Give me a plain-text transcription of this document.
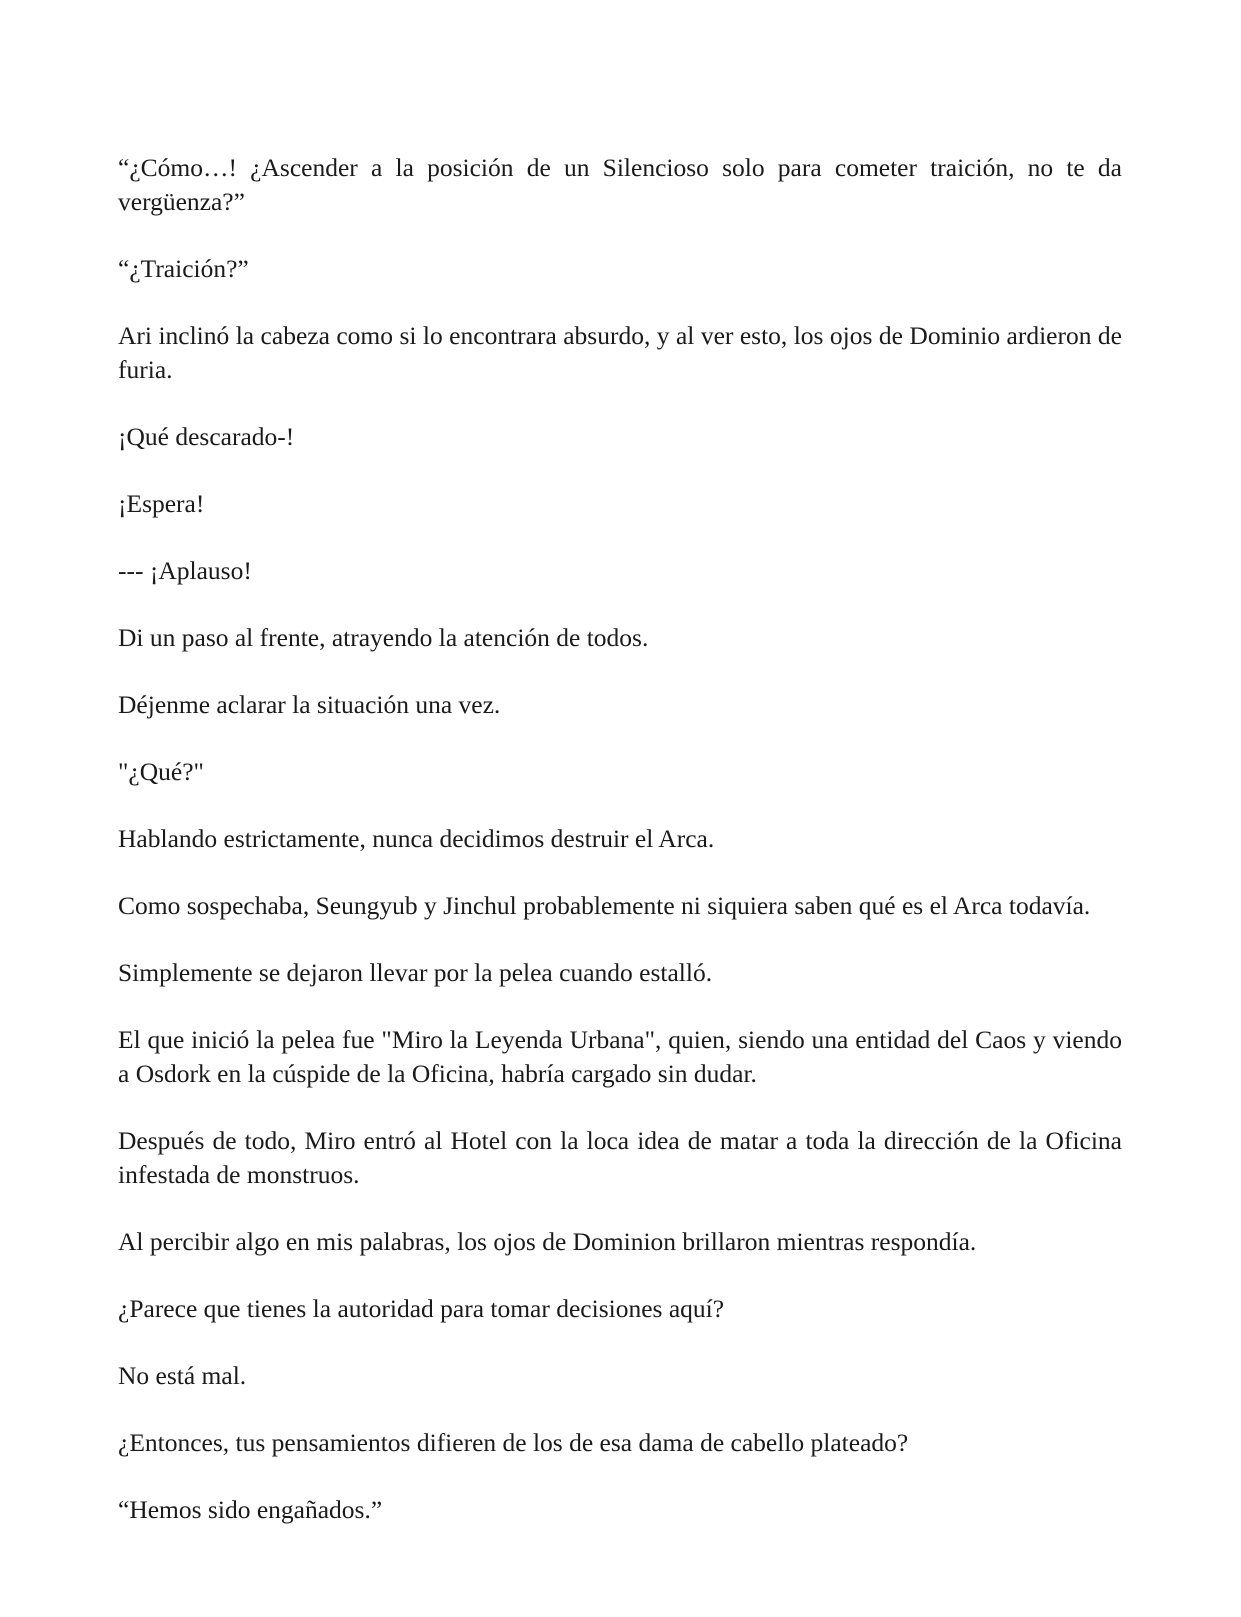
“¿Cómo…! ¿Ascender a la posición de un Silencioso solo para cometer traición, no te da vergüenza?”

“¿Traición?”

Ari inclinó la cabeza como si lo encontrara absurdo, y al ver esto, los ojos de Dominio ardieron de furia.

¡Qué descarado-!

¡Espera!

--- ¡Aplauso!

Di un paso al frente, atrayendo la atención de todos.

Déjenme aclarar la situación una vez.

"¿Qué?"

Hablando estrictamente, nunca decidimos destruir el Arca.

Como sospechaba, Seungyub y Jinchul probablemente ni siquiera saben qué es el Arca todavía.

Simplemente se dejaron llevar por la pelea cuando estalló.

El que inició la pelea fue "Miro la Leyenda Urbana", quien, siendo una entidad del Caos y viendo a Osdork en la cúspide de la Oficina, habría cargado sin dudar.

Después de todo, Miro entró al Hotel con la loca idea de matar a toda la dirección de la Oficina infestada de monstruos.

Al percibir algo en mis palabras, los ojos de Dominion brillaron mientras respondía.

¿Parece que tienes la autoridad para tomar decisiones aquí?

No está mal.

¿Entonces, tus pensamientos difieren de los de esa dama de cabello plateado?

“Hemos sido engañados.”
